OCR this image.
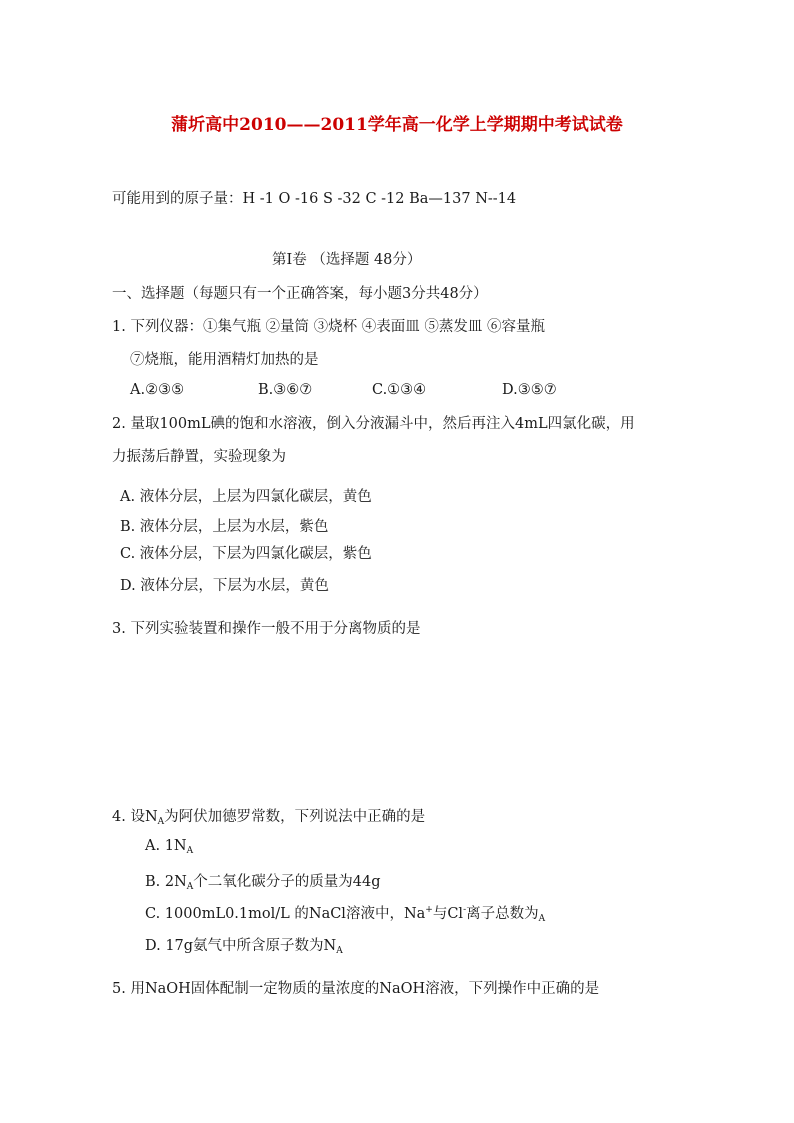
蒲圻高中2010——2011学年高一化学上学期期中考试试卷
可能用到的原子量：H -1 O -16 S -32 C -12 Ba—137 N--14
第I卷 （选择题 48分）
一、选择题（每题只有一个正确答案，每小题3分共48分）
1. 下列仪器：①集气瓶 ②量筒 ③烧杯 ④表面皿 ⑤蒸发皿 ⑥容量瓶
⑦烧瓶，能用酒精灯加热的是
A.②③⑤	B.③⑥⑦	C.①③④	D.③⑤⑦
2. 量取100mL碘的饱和水溶液，倒入分液漏斗中，然后再注入4mL四氯化碳，用
力振荡后静置，实验现象为
A. 液体分层，上层为四氯化碳层，黄色
B. 液体分层，上层为水层，紫色
C. 液体分层，下层为四氯化碳层，紫色
D. 液体分层，下层为水层，黄色
3. 下列实验装置和操作一般不用于分离物质的是
4. 设$N_A$为阿伏加德罗常数，下列说法中正确的是
A. $1N_A$
B. $2N_A$个二氧化碳分子的质量为44g
C. 1000mL0.1mol/L 的NaCl溶液中，Na+与Cl-离子总数为$_A$
D. 17g氨气中所含原子数为$N_A$
5. 用NaOH固体配制一定物质的量浓度的NaOH溶液，下列操作中正确的是
